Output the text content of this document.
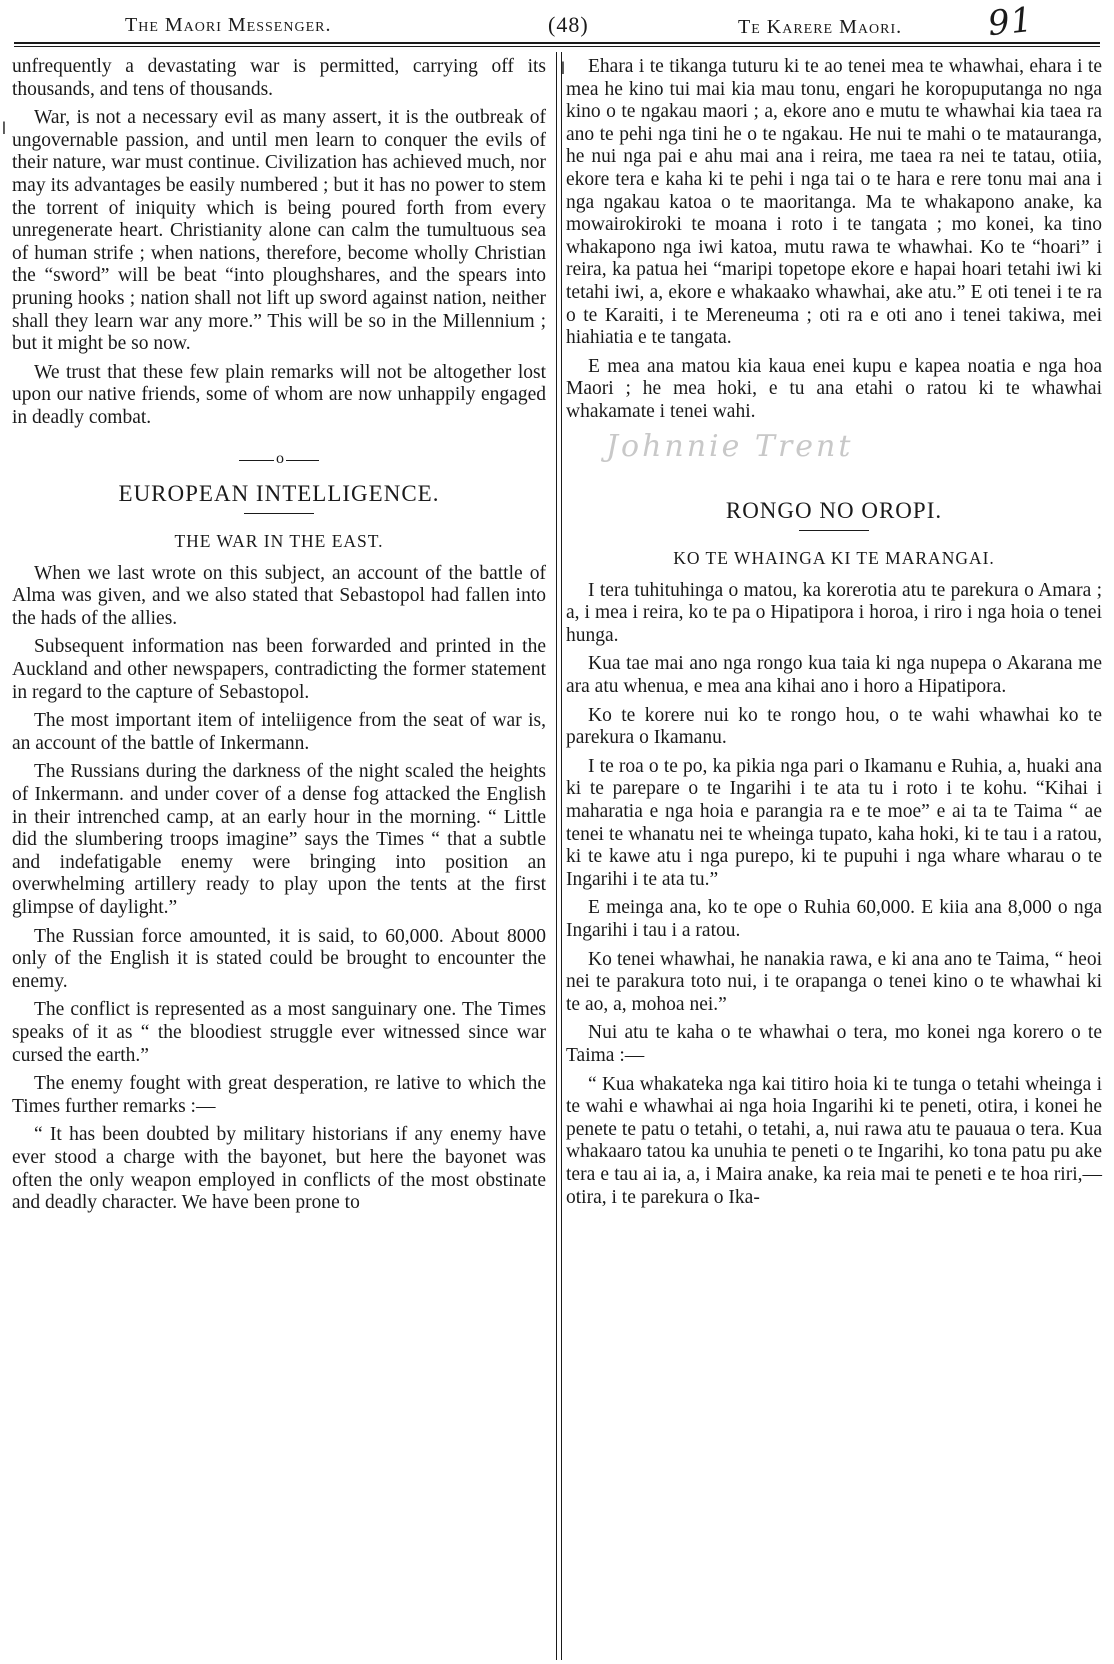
The Maori Messenger.	(48)	Te Karere Maori. 91
ǀ
ǀ

unfrequently a devastating war is permitted, carrying off its thousands, and tens of thousands.

War, is not a necessary evil as many assert, it is the outbreak of ungovernable passion, and until men learn to conquer the evils of their nature, war must continue. Civilization has achieved much, nor may its advantages be easily numbered ; but it has no power to stem the torrent of iniquity which is being poured forth from every unregenerate heart. Christianity alone can calm the tumultuous sea of human strife ; when nations, therefore, become wholly Christian the “sword” will be beat “into ploughshares, and the spears into pruning hooks ; nation shall not lift up sword against nation, neither shall they learn war any more.” This will be so in the Millennium ; but it might be so now.

We trust that these few plain remarks will not be altogether lost upon our native friends, some of whom are now unhappily engaged in deadly combat.

o
EUROPEAN INTELLIGENCE.
THE WAR IN THE EAST.

When we last wrote on this subject, an account of the battle of Alma was given, and we also stated that Sebastopol had fallen into the hads of the allies.

Subsequent information nas been forwarded and printed in the Auckland and other newspapers, contradicting the former statement in regard to the capture of Sebastopol.

The most important item of inteliigence from the seat of war is, an account of the battle of Inkermann.

The Russians during the darkness of the night scaled the heights of Inkermann. and under cover of a dense fog attacked the English in their intrenched camp, at an early hour in the morning. “ Little did the slumbering troops imagine” says the Times “ that a subtle and indefatigable enemy were bringing into position an overwhelming artillery ready to play upon the tents at the first glimpse of daylight.”

The Russian force amounted, it is said, to 60,000. About 8000 only of the English it is stated could be brought to encounter the enemy.

The conflict is represented as a most sanguinary one. The Times speaks of it as “ the bloodiest struggle ever witnessed since war cursed the earth.”

The enemy fought with great desperation, re lative to which the Times further remarks :—

“ It has been doubted by military historians if any enemy have ever stood a charge with the bayonet, but here the bayonet was often the only weapon employed in conflicts of the most obstinate and deadly character. We have been prone to

Ehara i te tikanga tuturu ki te ao tenei mea te whawhai, ehara i te mea he kino tui mai kia mau tonu, engari he koropuputanga no nga kino o te ngakau maori ; a, ekore ano e mutu te whawhai kia taea ra ano te pehi nga tini he o te ngakau. He nui te mahi o te matauranga, he nui nga pai e ahu mai ana i reira, me taea ra nei te tatau, otiia, ekore tera e kaha ki te pehi i nga tai o te hara e rere tonu mai ana i nga ngakau katoa o te maoritanga. Ma te whakapono anake, ka mowairokiroki te moana i roto i te tangata ; mo konei, ka tino whakapono nga iwi katoa, mutu rawa te whawhai. Ko te “hoari” i reira, ka patua hei “maripi topetope ekore e hapai hoari tetahi iwi ki tetahi iwi, a, ekore e whakaako whawhai, ake atu.” E oti tenei i te ra o te Karaiti, i te Mereneuma ; oti ra e oti ano i tenei takiwa, mei hiahiatia e te tangata.

E mea ana matou kia kaua enei kupu e kapea noatia e nga hoa Maori ; he mea hoki, e tu ana etahi o ratou ki te whawhai whakamate i tenei wahi.

Johnnie Trent
RONGO NO OROPI.
KO TE WHAINGA KI TE MARANGAI.

I tera tuhituhinga o matou, ka korerotia atu te parekura o Amara ; a, i mea i reira, ko te pa o Hipatipora i horoa, i riro i nga hoia o tenei hunga.

Kua tae mai ano nga rongo kua taia ki nga nupepa o Akarana me ara atu whenua, e mea ana kihai ano i horo a Hipatipora.

Ko te korere nui ko te rongo hou, o te wahi whawhai ko te parekura o Ikamanu.

I te roa o te po, ka pikia nga pari o Ikamanu e Ruhia, a, huaki ana ki te parepare o te Ingarihi i te ata tu i roto i te kohu. “Kihai i maharatia e nga hoia e parangia ra e te moe” e ai ta te Taima “ ae tenei te whanatu nei te wheinga tupato, kaha hoki, ki te tau i a ratou, ki te kawe atu i nga purepo, ki te pupuhi i nga whare wharau o te Ingarihi i te ata tu.”

E meinga ana, ko te ope o Ruhia 60,000. E kiia ana 8,000 o nga Ingarihi i tau i a ratou.

Ko tenei whawhai, he nanakia rawa, e ki ana ano te Taima, “ heoi nei te parakura toto nui, i te orapanga o tenei kino o te whawhai ki te ao, a, mohoa nei.”

Nui atu te kaha o te whawhai o tera, mo konei nga korero o te Taima :—

“ Kua whakateka nga kai titiro hoia ki te tunga o tetahi wheinga i te wahi e whawhai ai nga hoia Ingarihi ki te peneti, otira, i konei he penete te patu o tetahi, o tetahi, a, nui rawa atu te pauaua o tera. Kua whakaaro tatou ka unuhia te peneti o te Ingarihi, ko tona patu pu ake tera e tau ai ia, a, i Maira anake, ka reia mai te peneti e te hoa riri,—otira, i te parekura o Ika-
